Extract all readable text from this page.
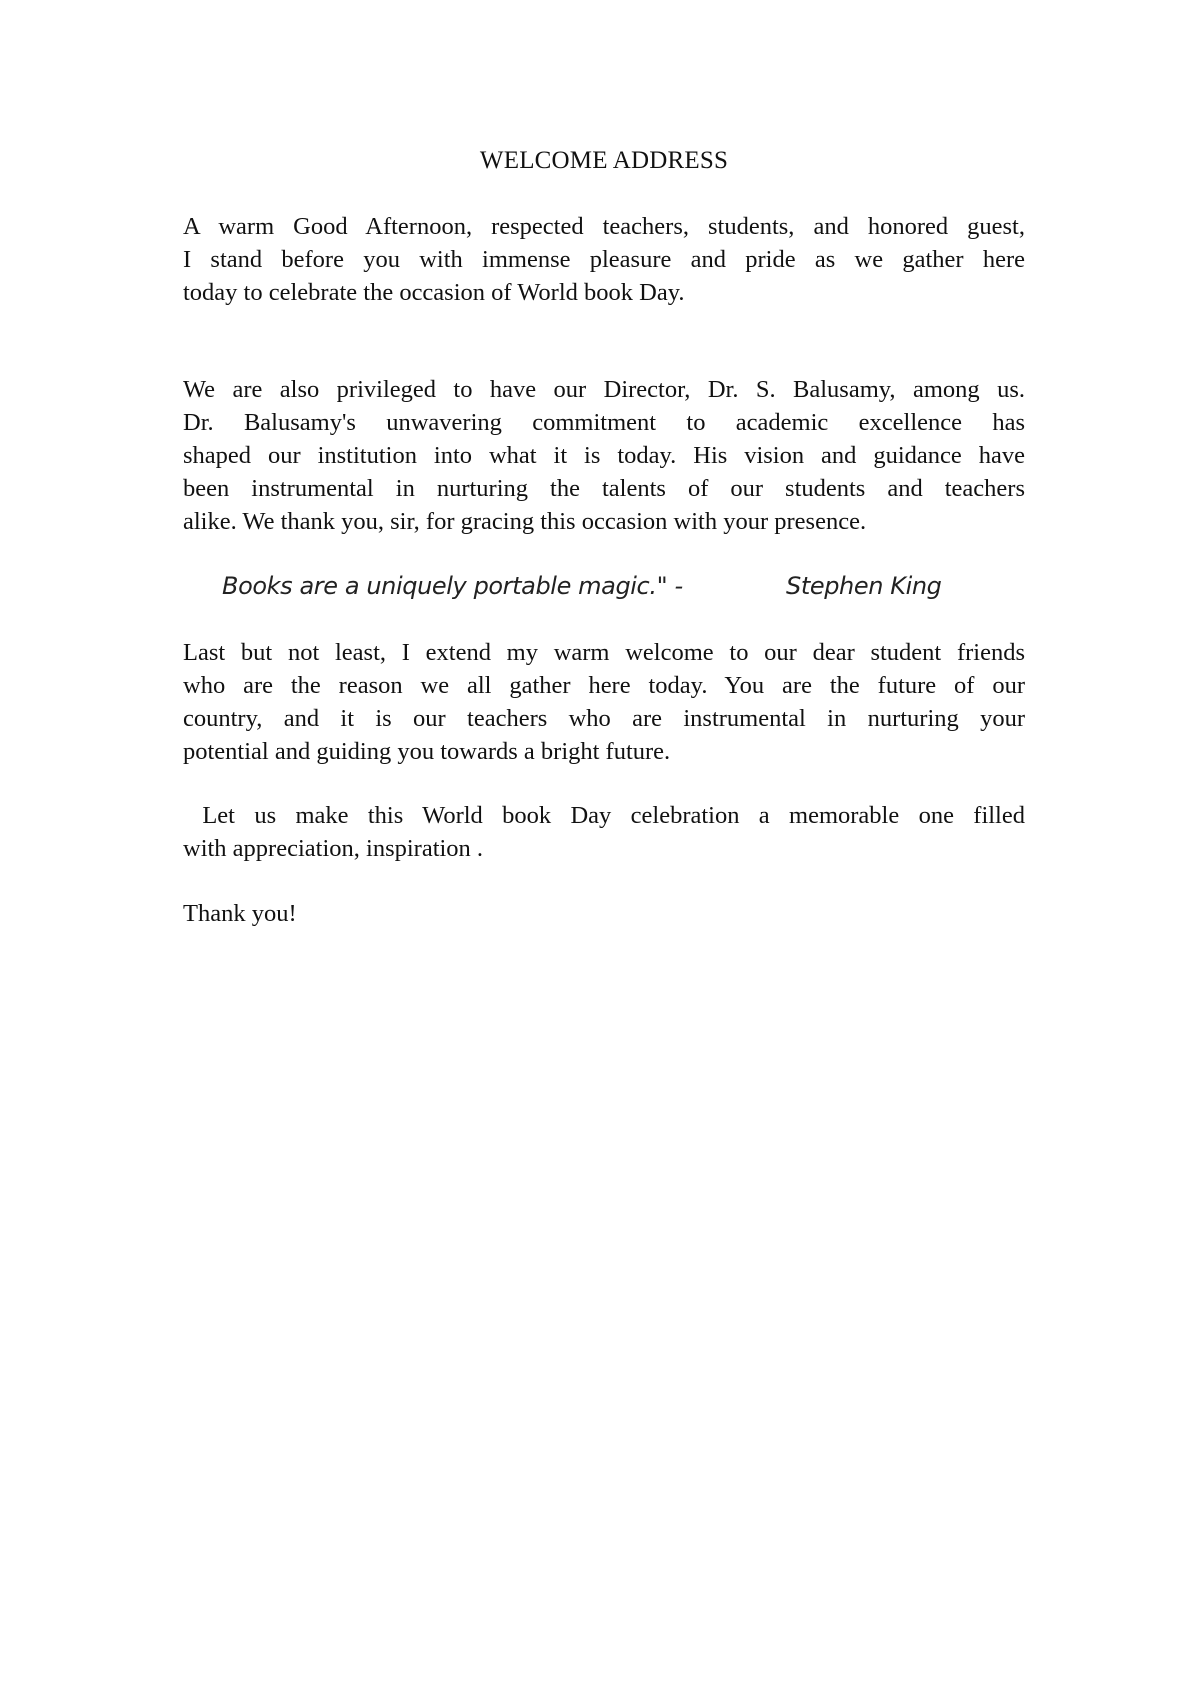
WELCOME ADDRESS

A warm Good Afternoon, respected teachers, students, and honored guest,
I stand before you with immense pleasure and pride as we gather here
today to celebrate the occasion of World book Day.

We are also privileged to have our Director, Dr. S. Balusamy, among us.
Dr. Balusamy's unwavering commitment to academic excellence has
shaped our institution into what it is today. His vision and guidance have
been instrumental in nurturing the talents of our students and teachers
alike. We thank you, sir, for gracing this occasion with your presence.

Books are a uniquely portable magic." -	Stephen King

Last but not least, I extend my warm welcome to our dear student friends
who are the reason we all gather here today. You are the future of our
country, and it is our teachers who are instrumental in nurturing your
potential and guiding you towards a bright future.

Let us make this World book Day celebration a memorable one filled
with appreciation, inspiration .

Thank you!
